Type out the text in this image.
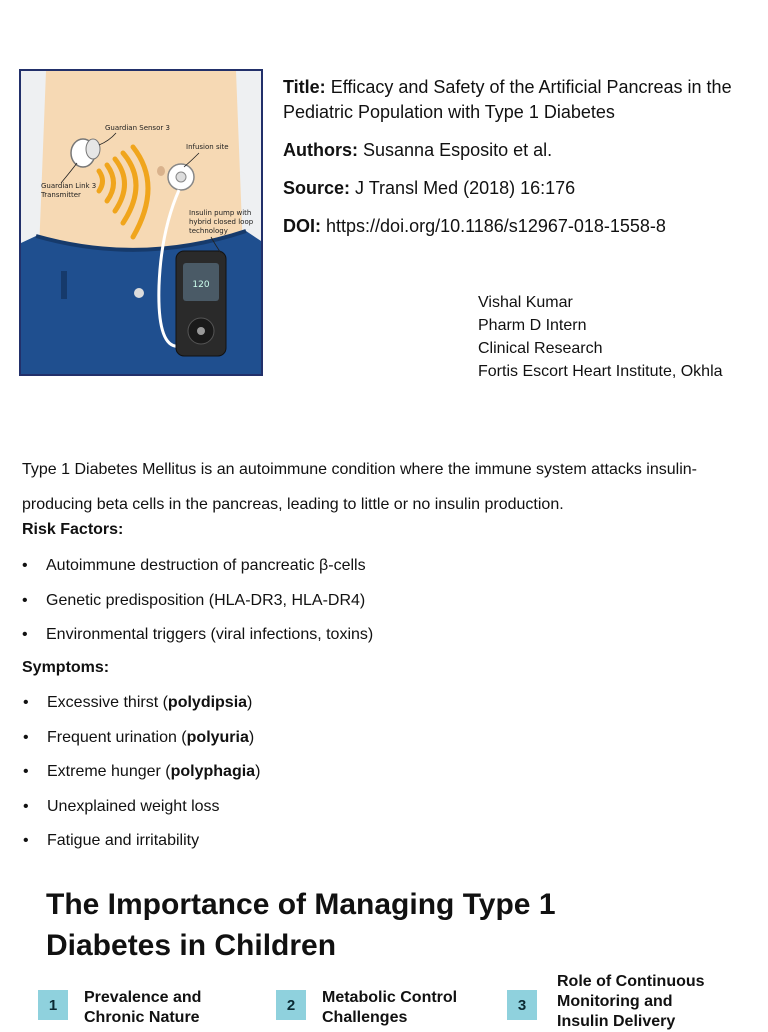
120
Guardian Sensor 3
Infusion site
Guardian Link 3
Transmitter
Insulin pump with
hybrid closed loop
technology

Title: Efficacy and Safety of the Artificial Pancreas in the Pediatric Population with Type 1 Diabetes

Authors: Susanna Esposito et al.

Source: J Transl Med (2018) 16:176

DOI: https://doi.org/10.1186/s12967-018-1558-8

Vishal Kumar
Pharm D Intern
Clinical Research
Fortis Escort Heart Institute, Okhla
Type 1 Diabetes Mellitus is an autoimmune condition where the immune system attacks insulin-producing beta cells in the pancreas, leading to little or no insulin production.
Risk Factors:
• Autoimmune destruction of pancreatic β-cells
• Genetic predisposition (HLA-DR3, HLA-DR4)
• Environmental triggers (viral infections, toxins)
Symptoms:
• Excessive thirst (polydipsia)
• Frequent urination (polyuria)
• Extreme hunger (polyphagia)
• Unexplained weight loss
• Fatigue and irritability
The Importance of Managing Type 1 Diabetes in Children
1	Prevalence and Chronic Nature
2	Metabolic Control Challenges
3
Role of Continuous Monitoring and Insulin Delivery
